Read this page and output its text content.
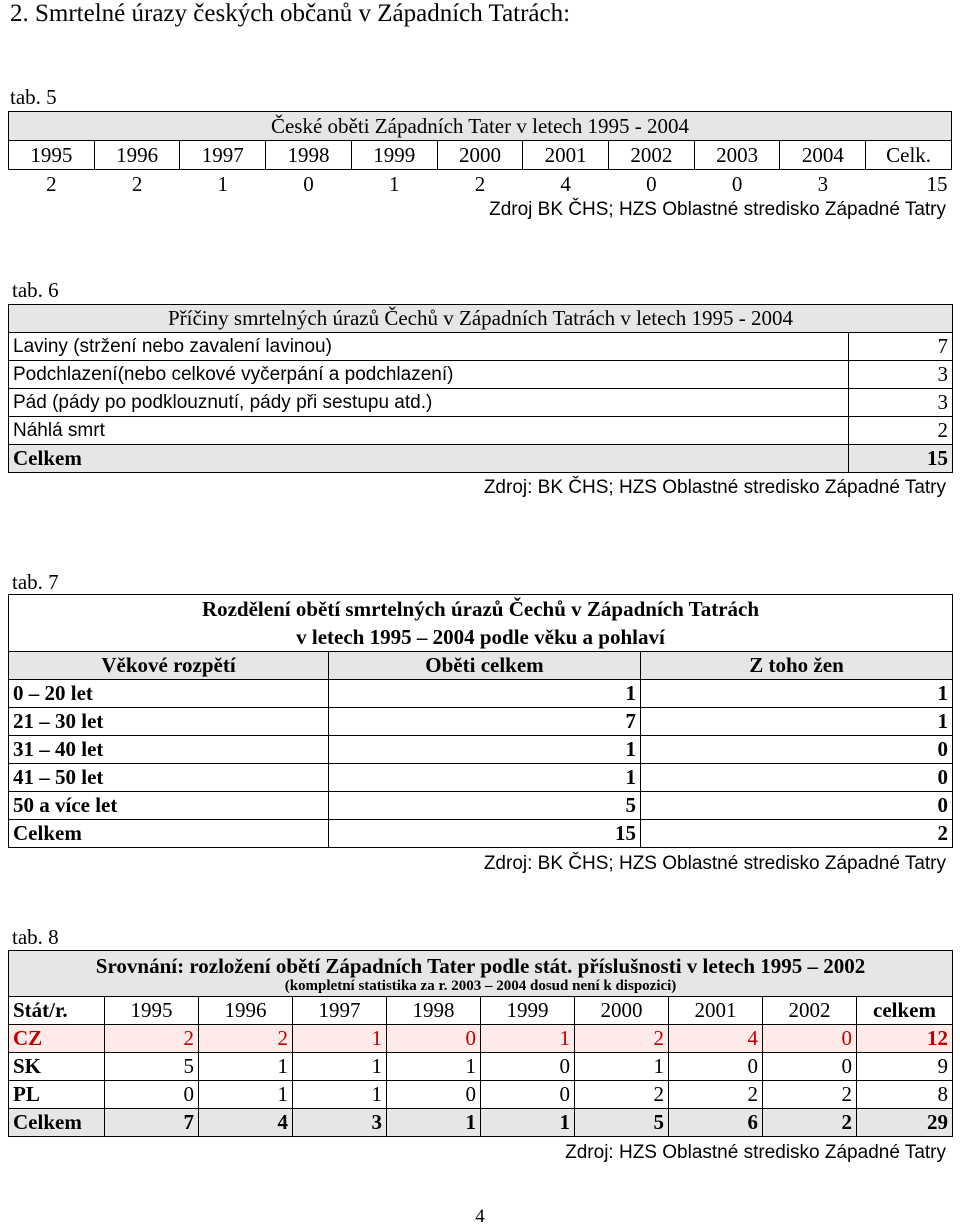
2. Smrtelné úrazy českých občanů v Západních Tatrách:
tab. 5
České oběti Západních Tater v letech 1995 - 2004										
1995	1996	1997	1998	1999	2000	2001	2002	2003	2004	Celk.
2	2	1	0	1	2	4	0	0	3	15
Zdroj BK ČHS; HZS Oblastné stredisko Západné Tatry
tab. 6
Příčiny smrtelných úrazů Čechů v Západních Tatrách v letech 1995 - 2004	
Laviny (stržení nebo zavalení lavinou)	7
Podchlazení(nebo celkové vyčerpání a podchlazení)	3
Pád (pády po podklouznutí, pády při sestupu atd.)	3
Náhlá smrt	2
Celkem	15
Zdroj: BK ČHS; HZS Oblastné stredisko Západné Tatry
tab. 7
Rozdělení obětí smrtelných úrazů Čechů v Západních Tatrách
v letech 1995 – 2004 podle věku a pohlaví		

Věkové rozpětí	Oběti celkem	Z toho žen
0 – 20 let	1	1
21 – 30 let	7	1
31 – 40 let	1	0
41 – 50 let	1	0
50 a více let	5	0
Celkem	15	2
Zdroj: BK ČHS; HZS Oblastné stredisko Západné Tatry
tab. 8
Srovnání: rozložení obětí Západních Tater podle stát. příslušnosti v letech 1995 – 2002
(kompletní statistika za r. 2003 – 2004 dosud není k dispozici)									

Stát/r.	1995	1996	1997	1998	1999	2000	2001	2002	celkem
CZ	2	2	1	0	1	2	4	0	12
SK	5	1	1	1	0	1	0	0	9
PL	0	1	1	0	0	2	2	2	8
Celkem	7	4	3	1	1	5	6	2	29
Zdroj: HZS Oblastné stredisko Západné Tatry
4
